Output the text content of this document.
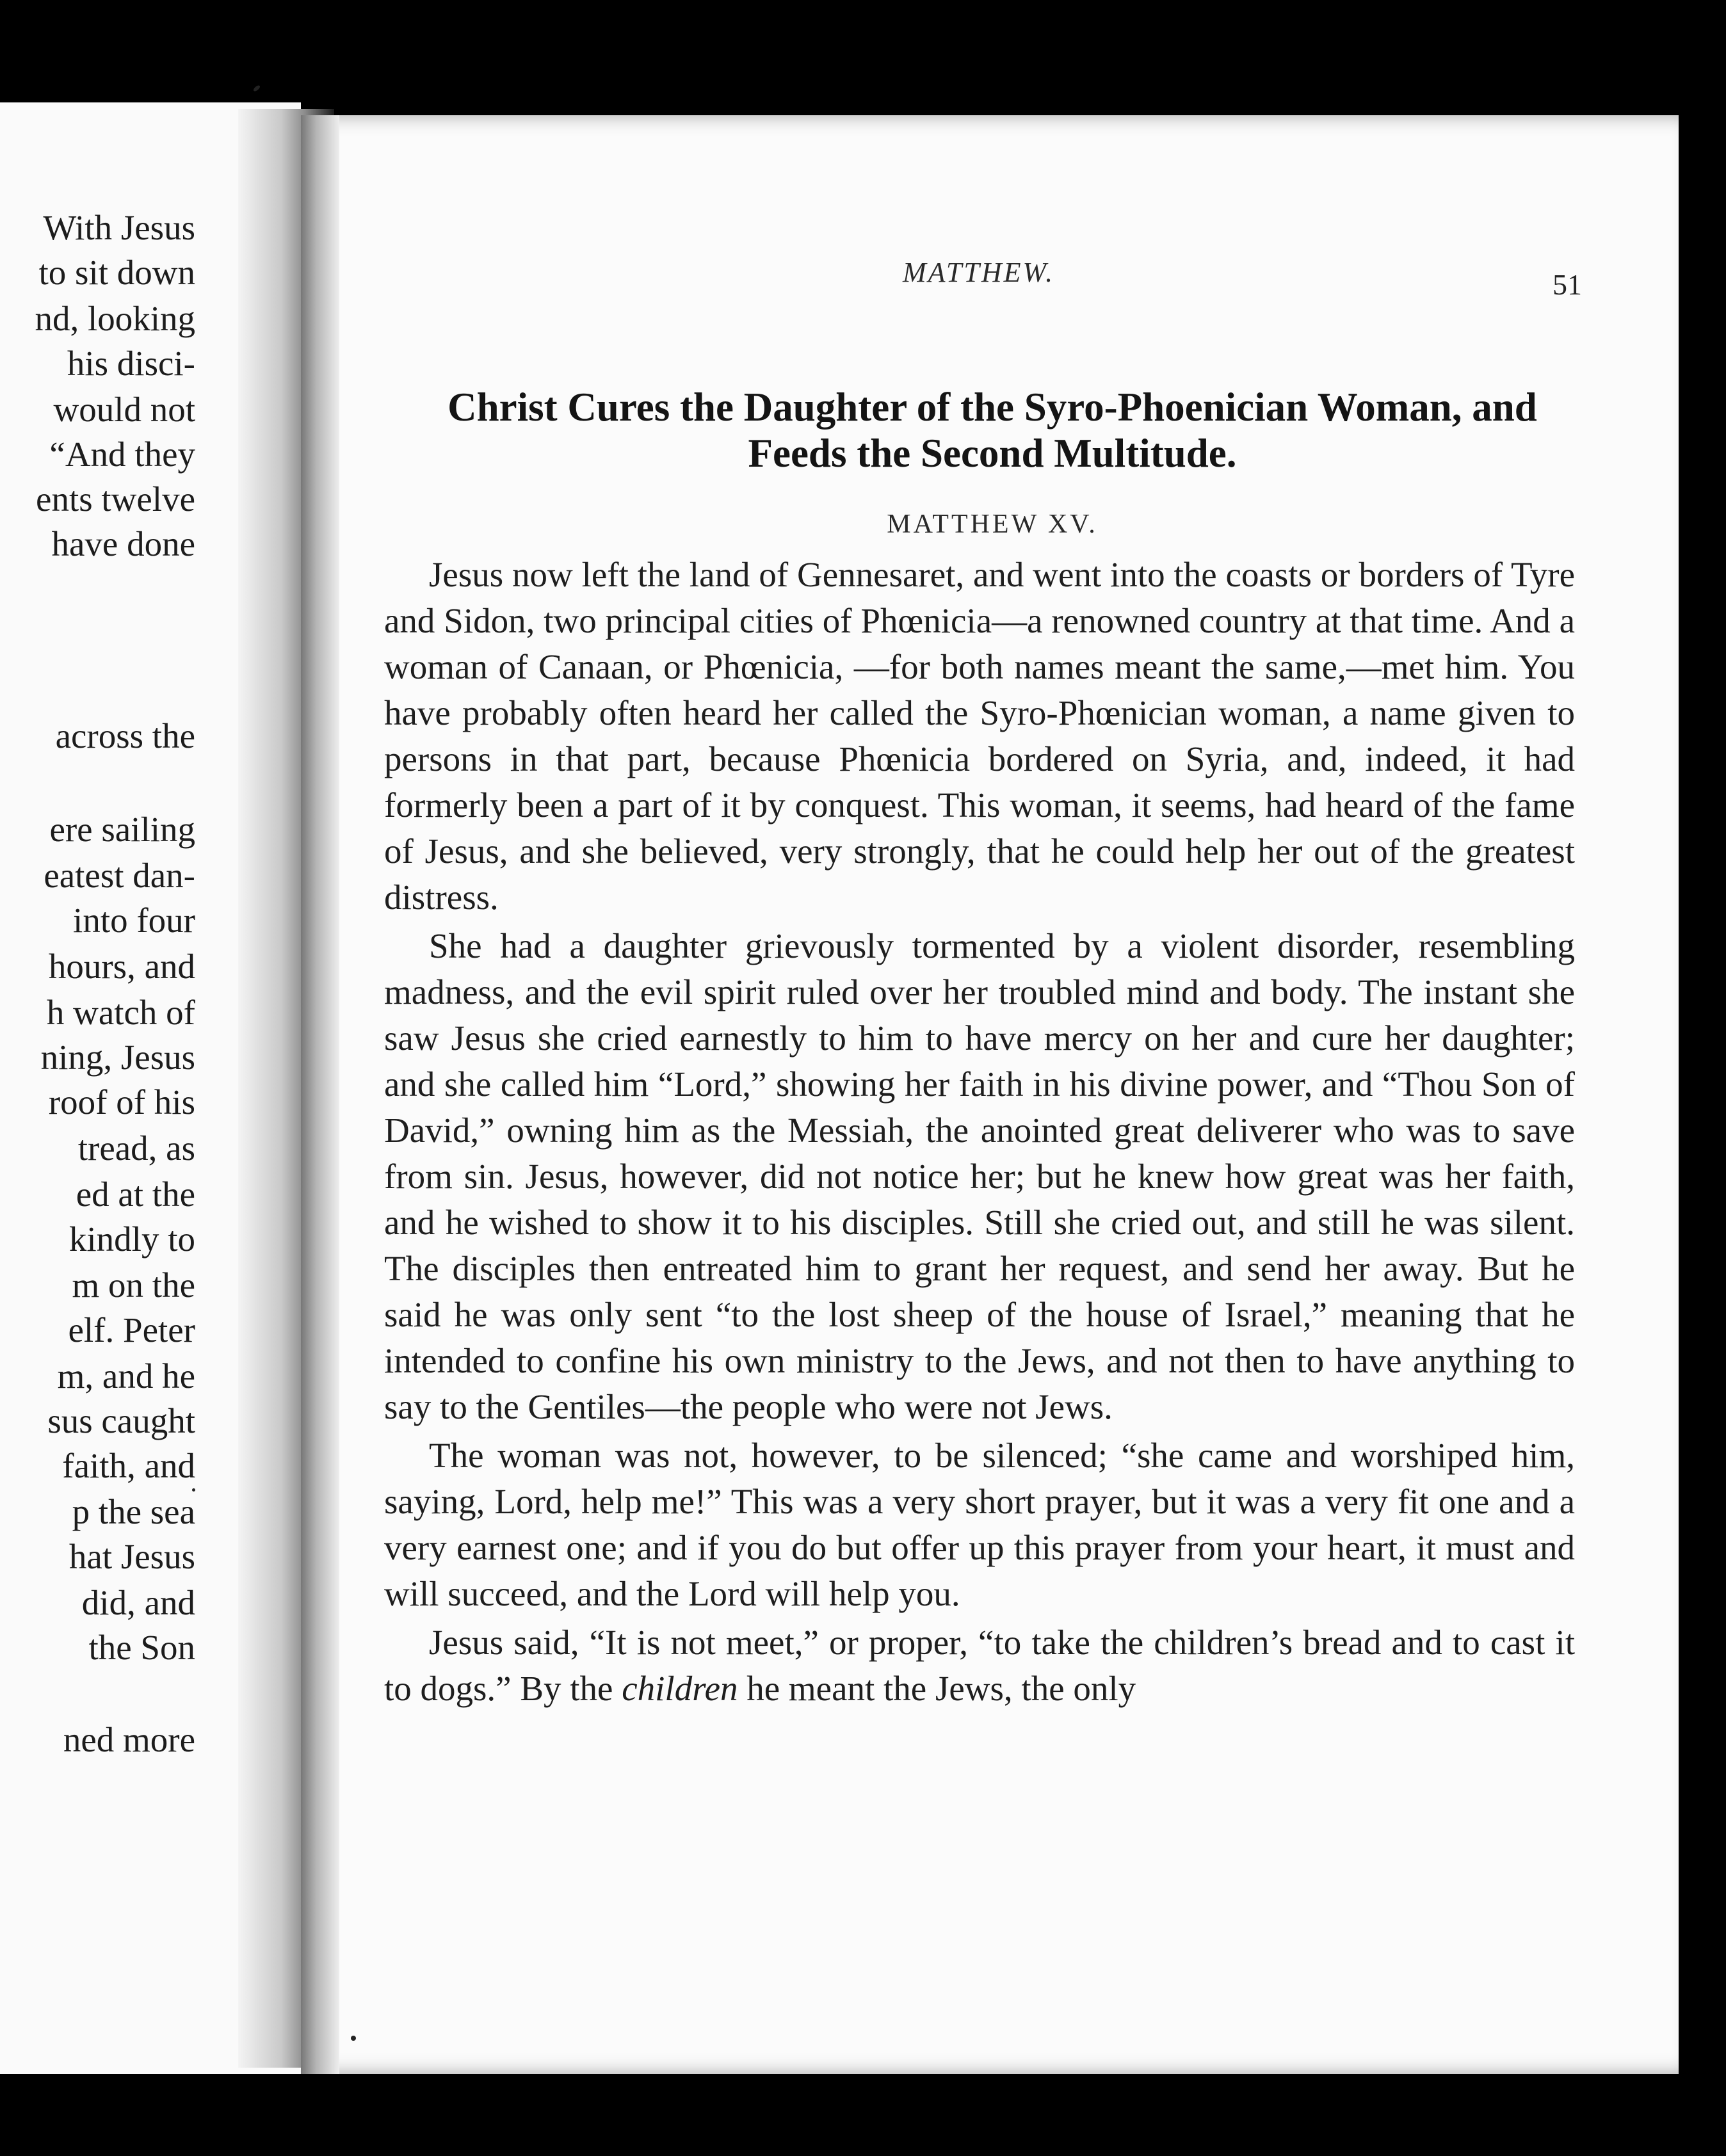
With Jesus
to sit down
nd, looking
his disci-
would not
“And they
ents twelve
have done
across the
ere sailing
eatest dan-
into four
hours, and
h watch of
ning, Jesus
roof of his
tread, as
ed at the
kindly to
m on the
elf. Peter
m, and he
sus caught
faith, and
p the sea
hat Jesus
did, and
the Son
ned more
MATTHEW.	51
Christ Cures the Daughter of the Syro-Phoenician Woman, and
Feeds the Second Multitude.
MATTHEW XV.

Jesus now left the land of Gennesaret, and went into the coasts or borders of Tyre and Sidon, two principal cities of Phœnicia—a renowned country at that time. And a woman of Canaan, or Phœnicia, —for both names meant the same,—met him. You have probably often heard her called the Syro-Phœnician woman, a name given to persons in that part, because Phœnicia bordered on Syria, and, indeed, it had formerly been a part of it by conquest. This woman, it seems, had heard of the fame of Jesus, and she believed, very strongly, that he could help her out of the greatest distress.

She had a daughter grievously tormented by a violent disorder, resembling madness, and the evil spirit ruled over her troubled mind and body. The instant she saw Jesus she cried earnestly to him to have mercy on her and cure her daughter; and she called him “Lord,” showing her faith in his divine power, and “Thou Son of David,” owning him as the Messiah, the anointed great deliverer who was to save from sin. Jesus, however, did not notice her; but he knew how great was her faith, and he wished to show it to his disciples. Still she cried out, and still he was silent. The disciples then entreated him to grant her request, and send her away. But he said he was only sent “to the lost sheep of the house of Israel,” meaning that he intended to confine his own ministry to the Jews, and not then to have anything to say to the Gentiles—the people who were not Jews.

The woman was not, however, to be silenced; “she came and worshiped him, saying, Lord, help me!” This was a very short prayer, but it was a very fit one and a very earnest one; and if you do but offer up this prayer from your heart, it must and will succeed, and the Lord will help you.

Jesus said, “It is not meet,” or proper, “to take the children’s bread and to cast it to dogs.” By the children he meant the Jews, the only
